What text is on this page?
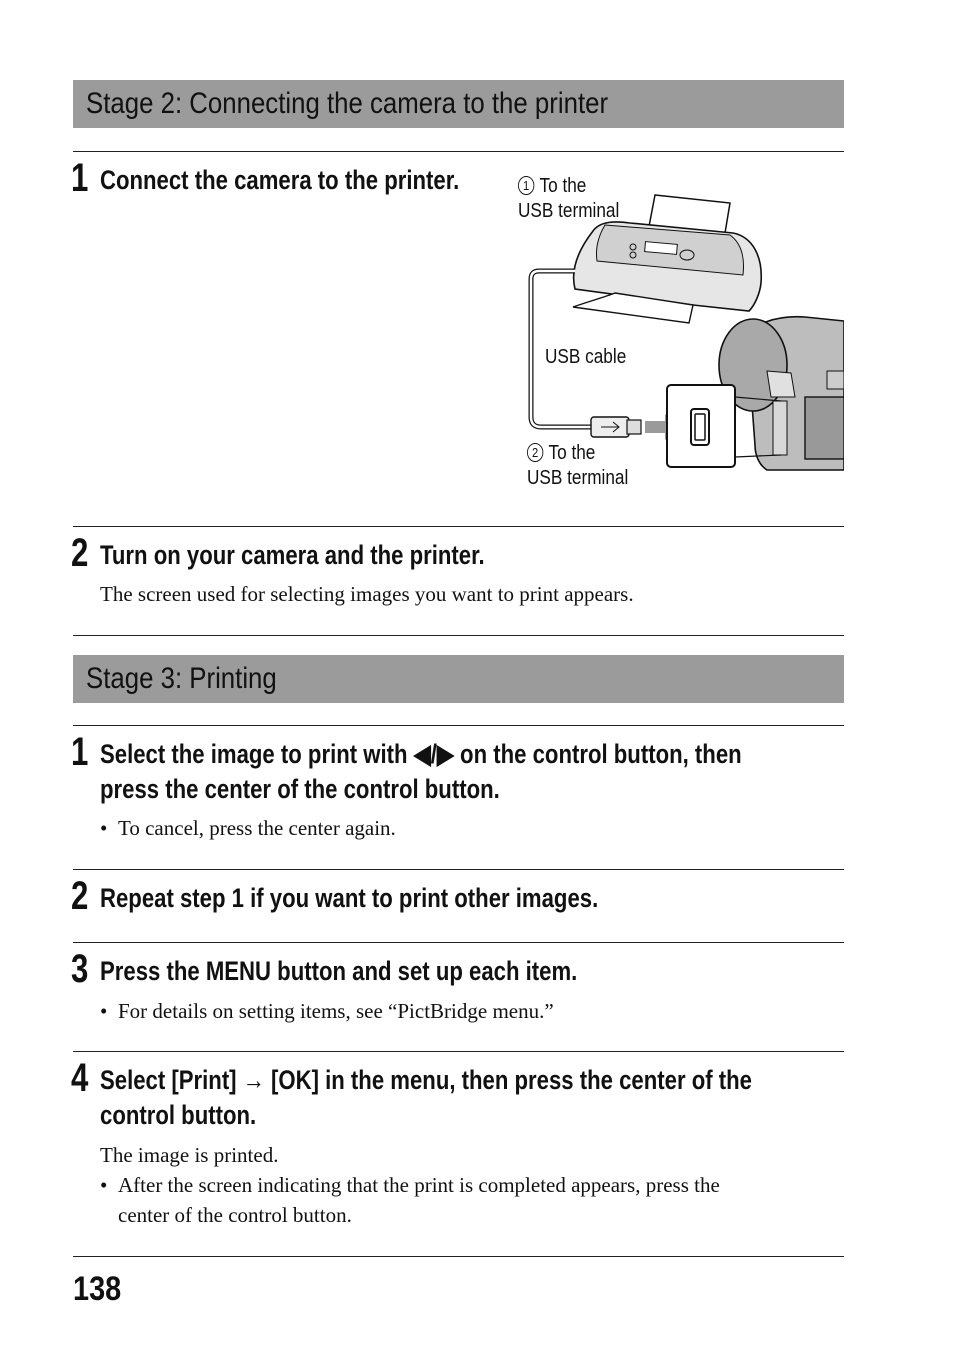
Stage 2: Connecting the camera to the printer
1 Connect the camera to the printer.	1 To the
USB terminal
USB cable
2 To the
USB terminal
2 Turn on your camera and the printer.
The screen used for selecting images you want to print appears.
Stage 3: Printing
1 Select the image to print with ◀/▶ on the control button, then
press the center of the control button.
• To cancel, press the center again.
2 Repeat step 1 if you want to print other images.
3 Press the MENU button and set up each item.
• For details on setting items, see “PictBridge menu.”
4 Select [Print] → [OK] in the menu, then press the center of the
control button.
The image is printed.
• After the screen indicating that the print is completed appears, press the
center of the control button.
138
